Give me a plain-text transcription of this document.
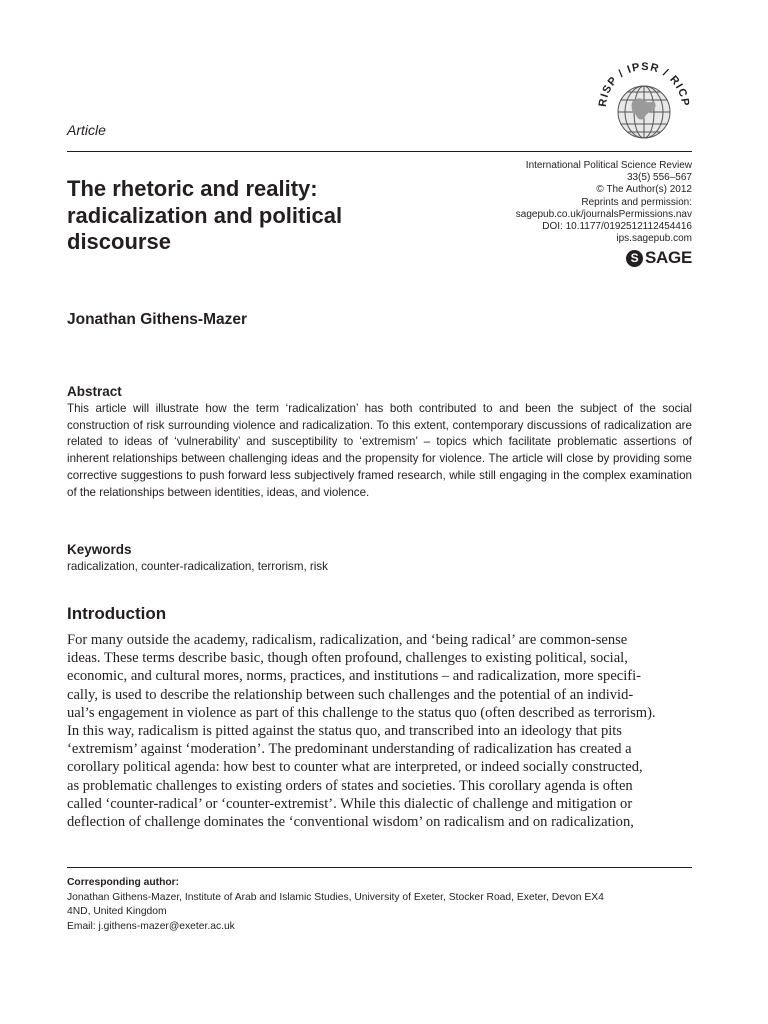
RISP / IPSR / RICP
Article
The rhetoric and reality:
radicalization and political
discourse
International Political Science Review
33(5) 556–567
© The Author(s) 2012
Reprints and permission:
sagepub.co.uk/journalsPermissions.nav
DOI: 10.1177/0192512112454416
ips.sagepub.com
S SAGE
Jonathan Githens-Mazer
Abstract
This article will illustrate how the term ‘radicalization’ has both contributed to and been the subject of the social construction of risk surrounding violence and radicalization. To this extent, contemporary discussions of radicalization are related to ideas of ‘vulnerability’ and susceptibility to ‘extremism’ – topics which facilitate problematic assertions of inherent relationships between challenging ideas and the propensity for violence. The article will close by providing some corrective suggestions to push forward less subjectively framed research, while still engaging in the complex examination of the relationships between identities, ideas, and violence.
Keywords
radicalization, counter-radicalization, terrorism, risk
Introduction
For many outside the academy, radicalism, radicalization, and ‘being radical’ are common-sense
ideas. These terms describe basic, though often profound, challenges to existing political, social,
economic, and cultural mores, norms, practices, and institutions – and radicalization, more specifi-
cally, is used to describe the relationship between such challenges and the potential of an individ-
ual’s engagement in violence as part of this challenge to the status quo (often described as terrorism).
In this way, radicalism is pitted against the status quo, and transcribed into an ideology that pits
‘extremism’ against ‘moderation’. The predominant understanding of radicalization has created a
corollary political agenda: how best to counter what are interpreted, or indeed socially constructed,
as problematic challenges to existing orders of states and societies. This corollary agenda is often
called ‘counter-radical’ or ‘counter-extremist’. While this dialectic of challenge and mitigation or
deflection of challenge dominates the ‘conventional wisdom’ on radicalism and on radicalization,
Corresponding author:
Jonathan Githens-Mazer, Institute of Arab and Islamic Studies, University of Exeter, Stocker Road, Exeter, Devon EX4
4ND, United Kingdom
Email: j.githens-mazer@exeter.ac.uk
